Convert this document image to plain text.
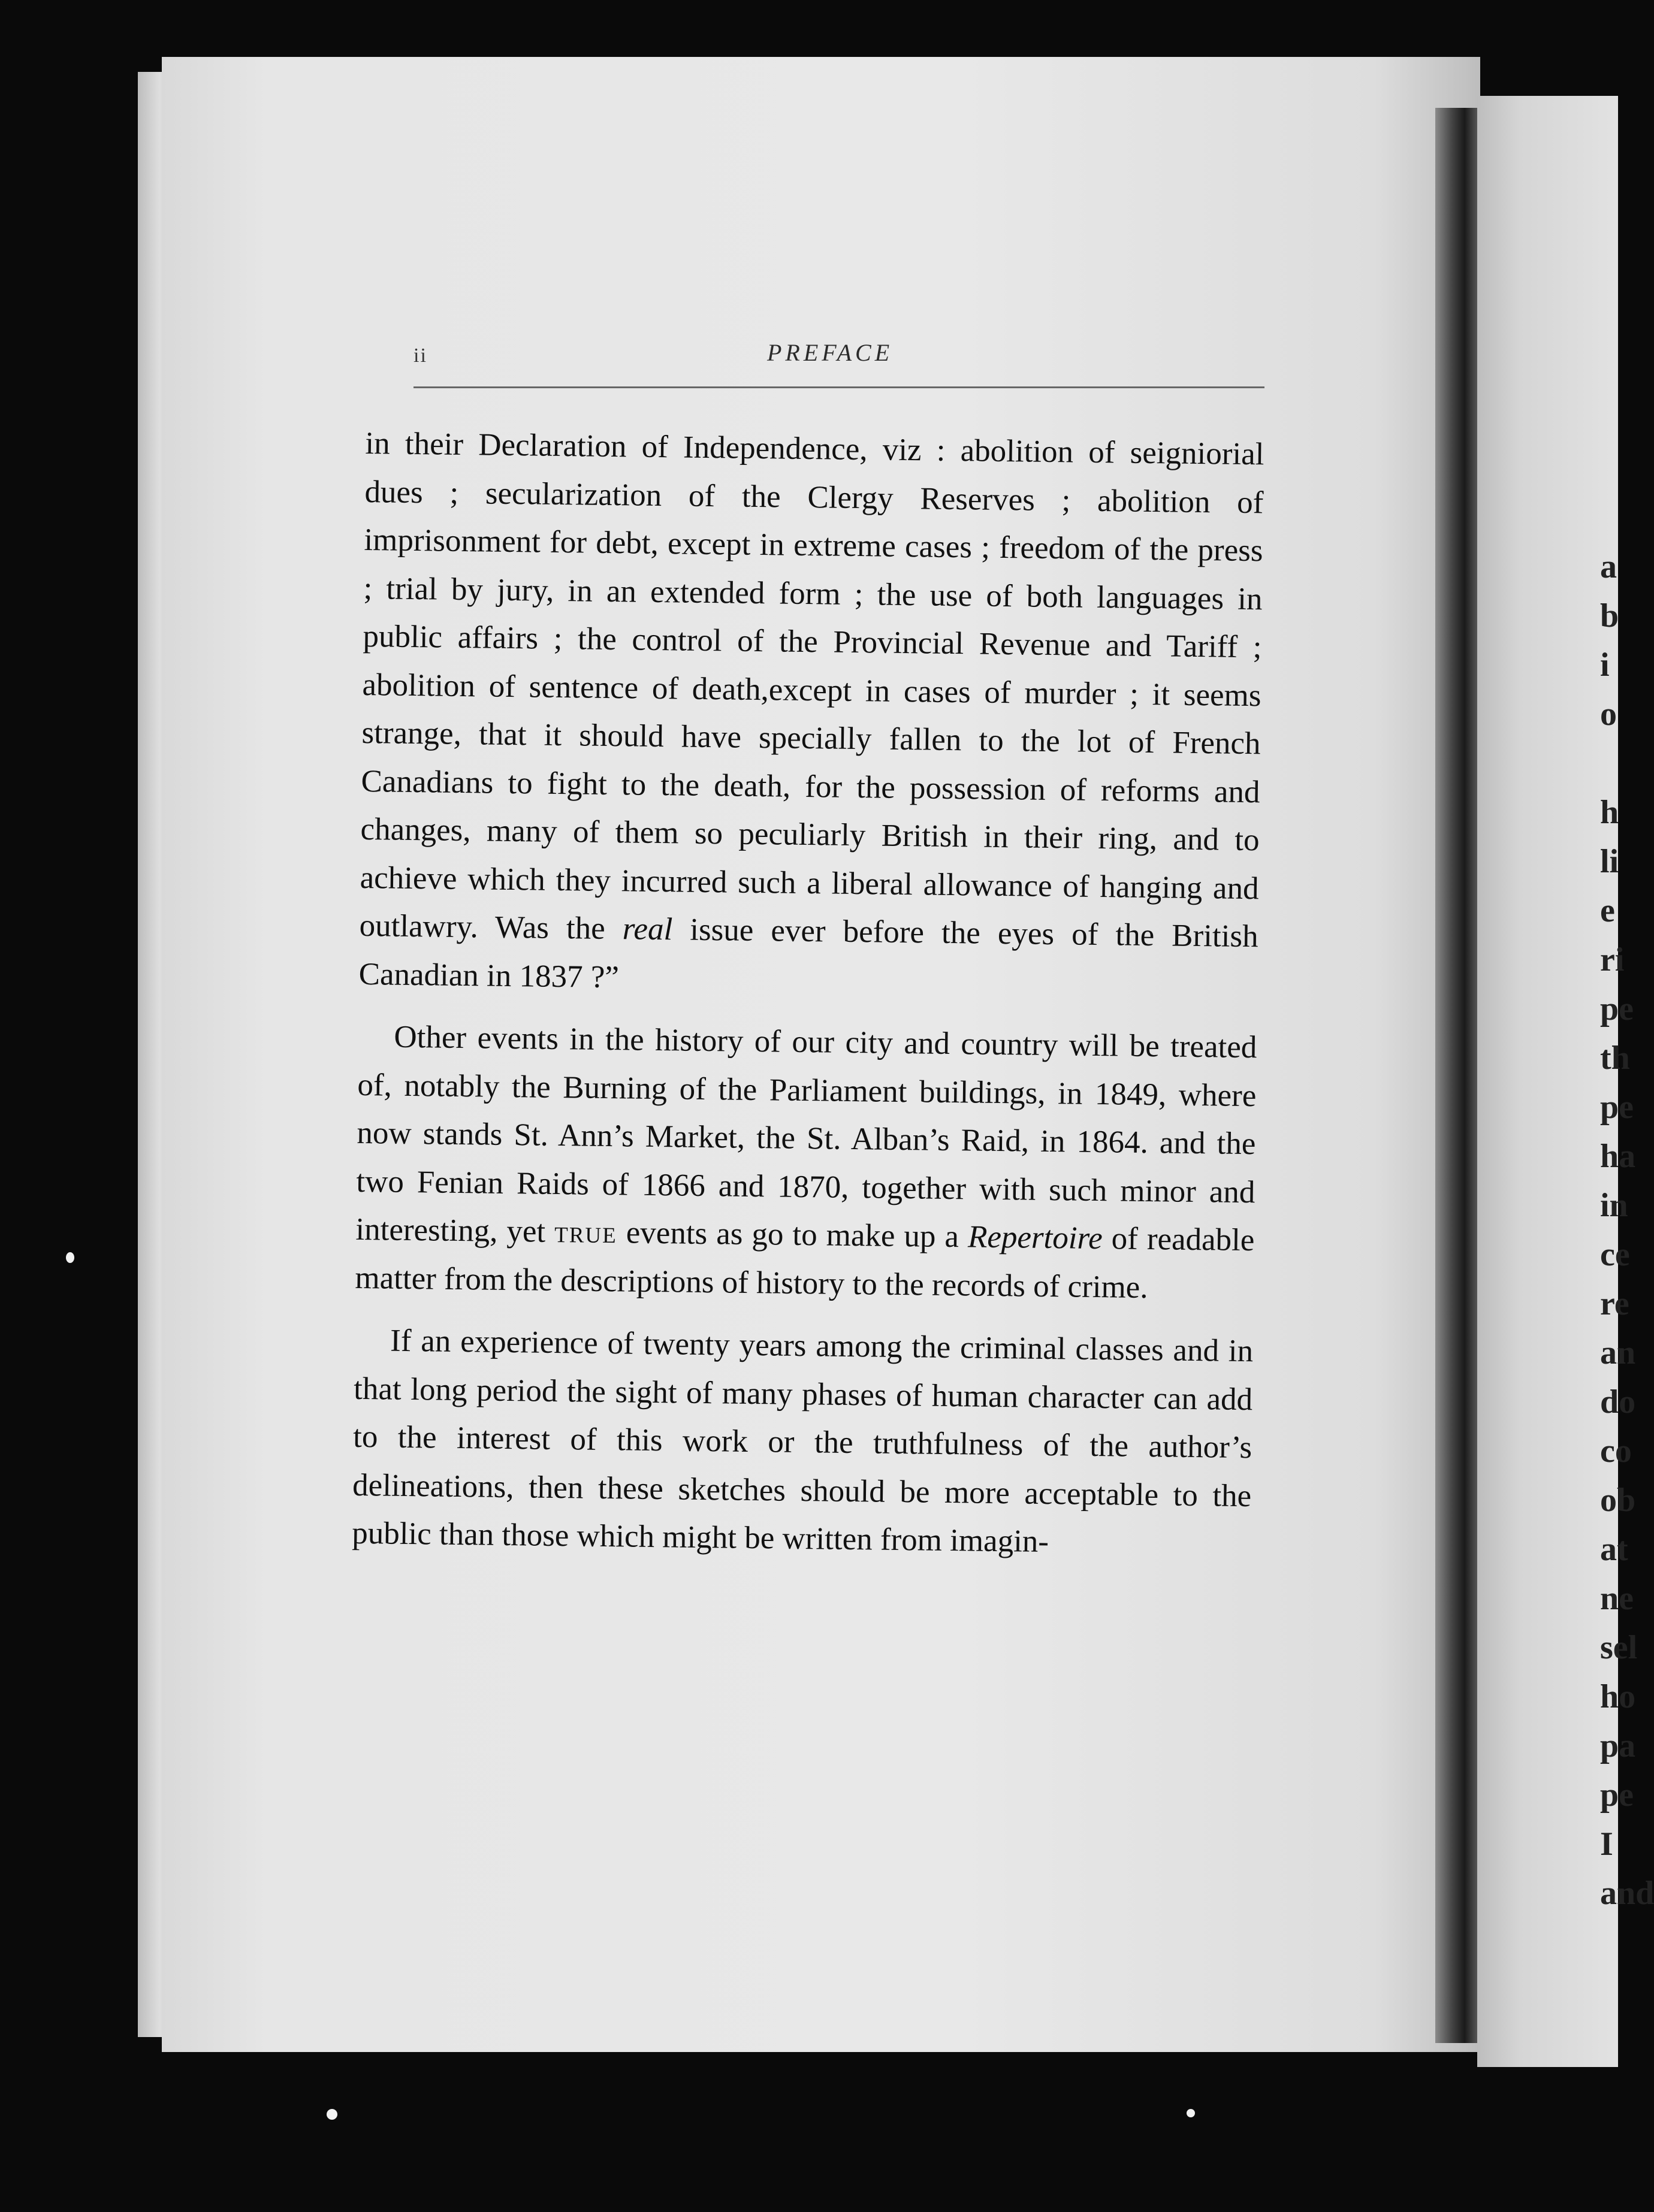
a
b
i
o

h
li
e
ri
pe
th
pe
ha
in
ce
re
an
do
co
ob
at
ne
sel
ho
pa
pe
I
and
ii	PREFACE

in their Declaration of Independence, viz : abolition of seigniorial dues ; secularization of the Clergy Reserves ; abolition of imprisonment for debt, except in extreme cases ; freedom of the press ; trial by jury, in an extended form ; the use of both languages in public affairs ; the control of the Provincial Revenue and Tariff ; abolition of sentence of death,except in cases of murder ; it seems strange, that it should have specially fallen to the lot of French Canadians to fight to the death, for the possession of reforms and changes, many of them so peculiarly British in their ring, and to achieve which they incurred such a liberal allowance of hanging and outlawry. Was the real issue ever before the eyes of the British Canadian in 1837 ?”

Other events in the history of our city and country will be treated of, notably the Burning of the Parliament buildings, in 1849, where now stands St. Ann’s Market, the St. Alban’s Raid, in 1864. and the two Fenian Raids of 1866 and 1870, together with such minor and interesting, yet true events as go to make up a Repertoire of readable matter from the descriptions of history to the records of crime.

If an experience of twenty years among the criminal classes and in that long period the sight of many phases of human character can add to the interest of this work or the truthfulness of the author’s delineations, then these sketches should be more acceptable to the public than those which might be written from imagin-
